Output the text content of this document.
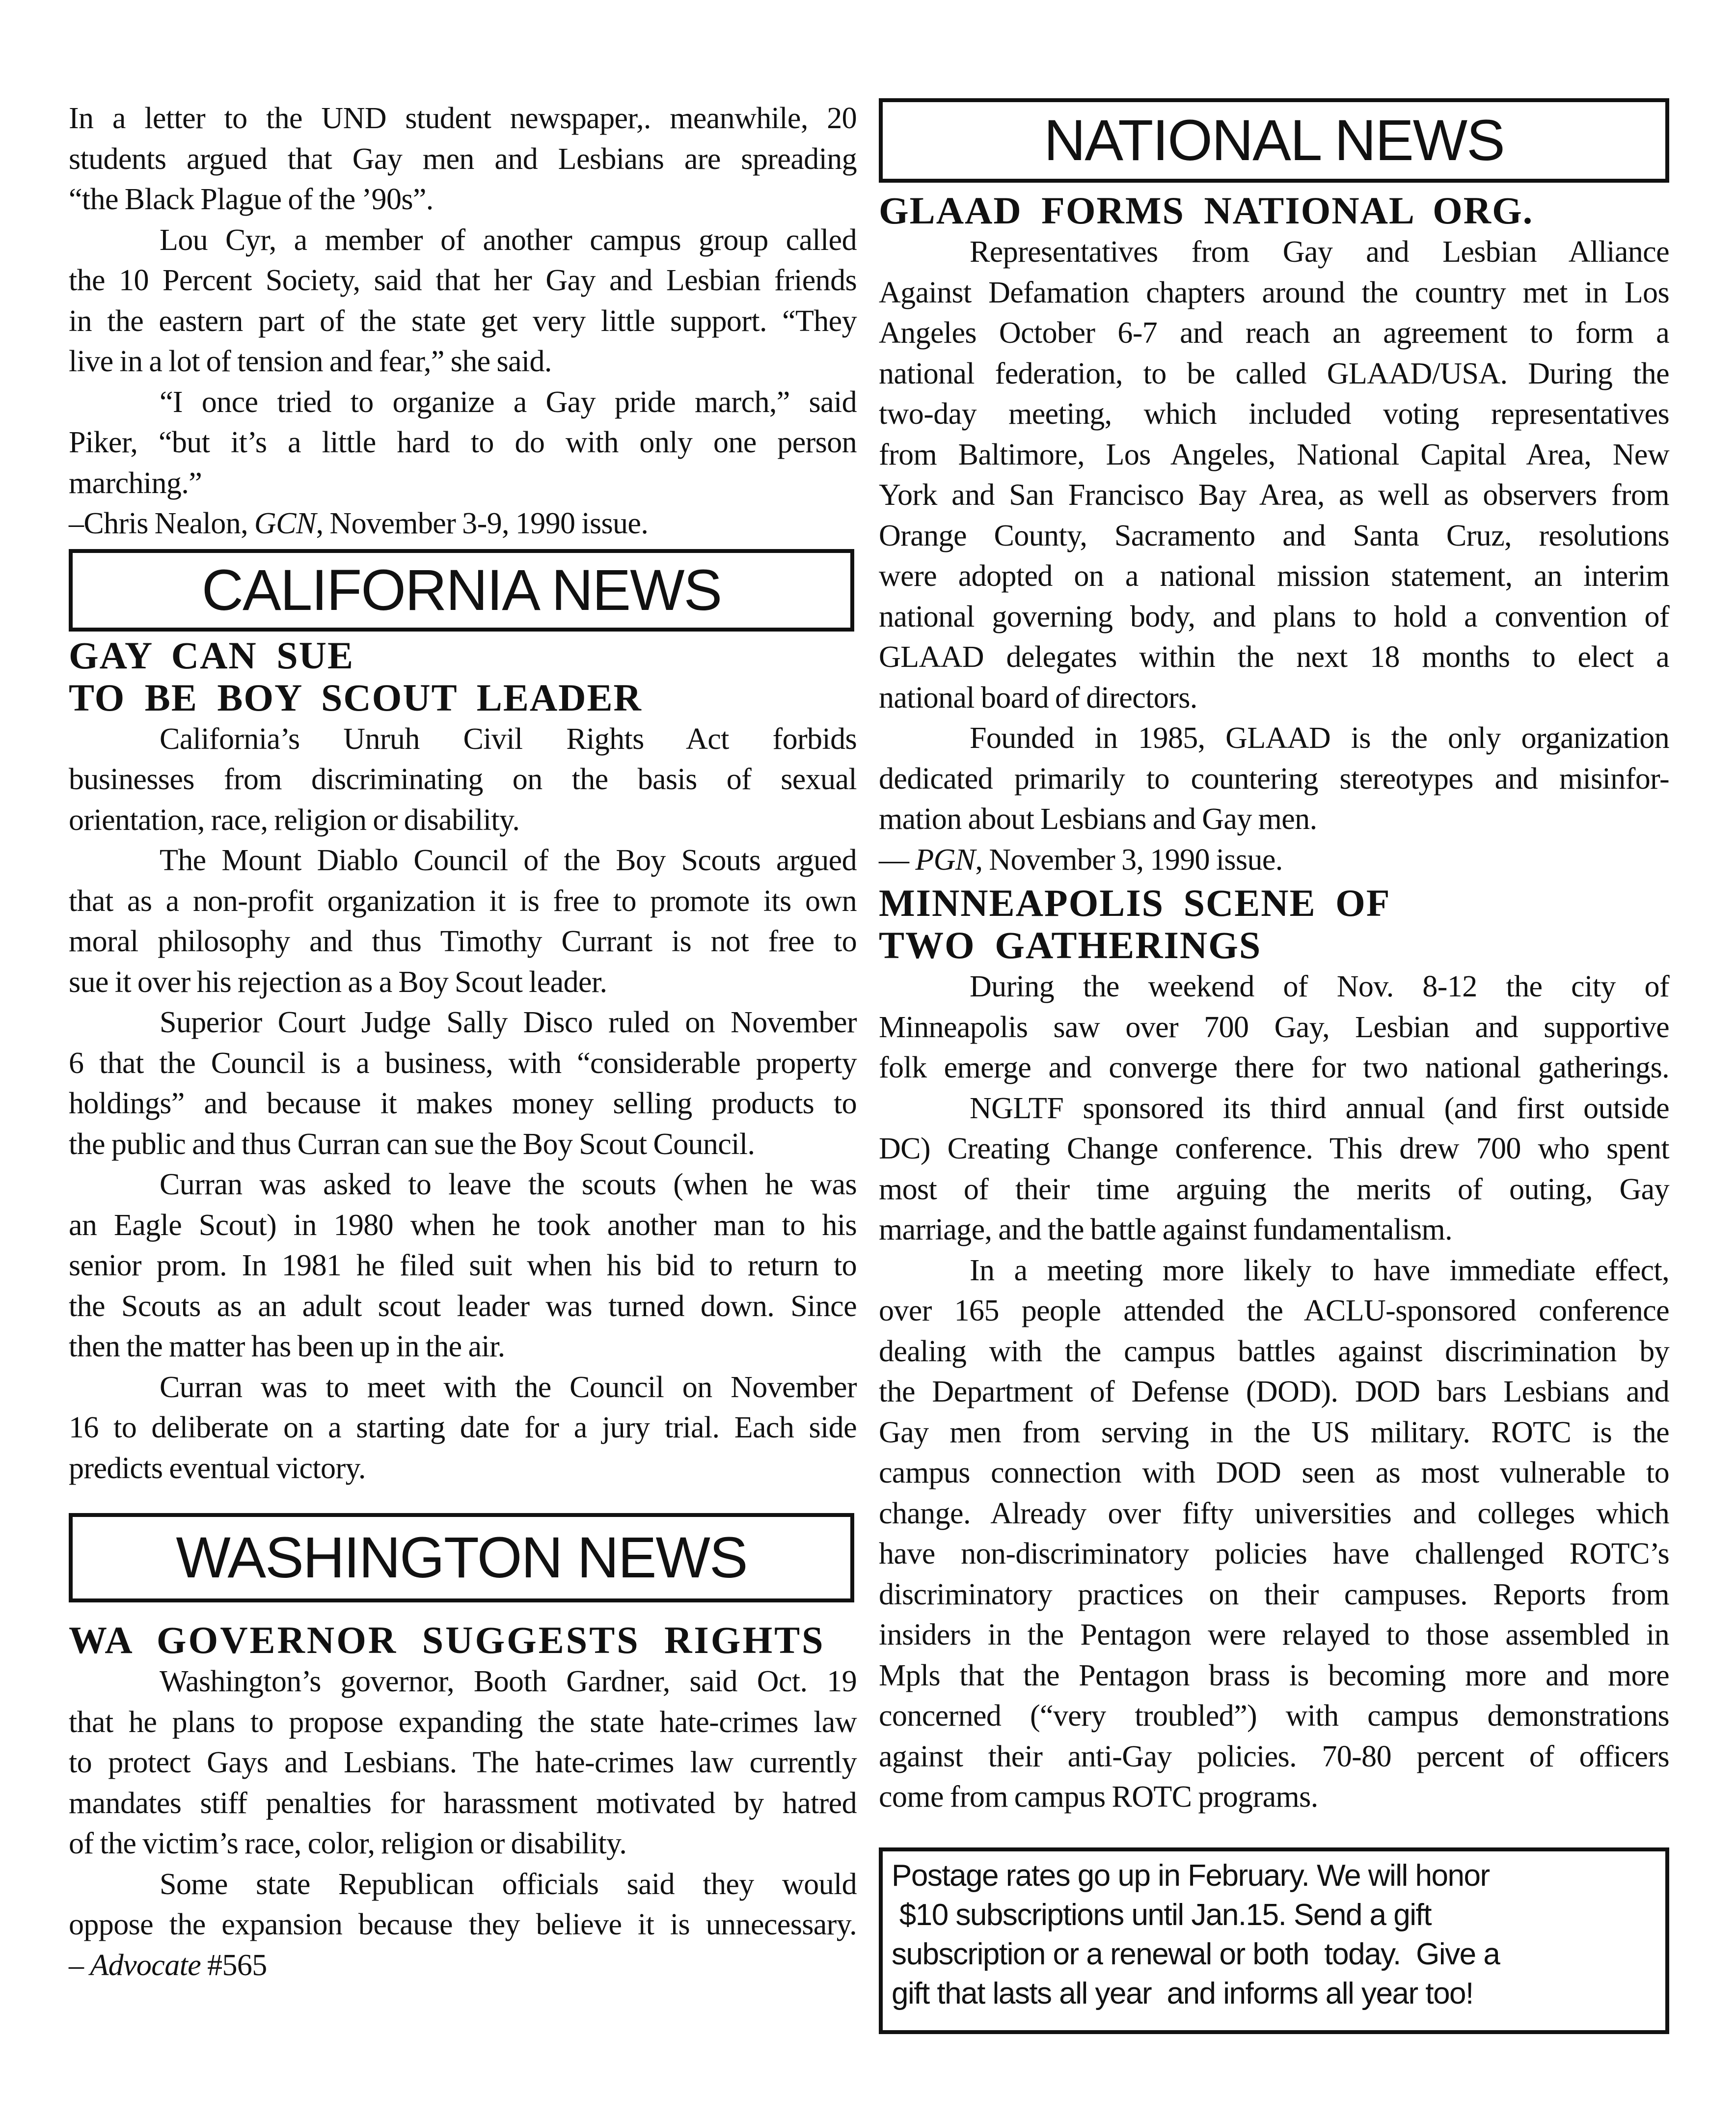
In a letter to the UND student newspaper,. meanwhile, 20
students argued that Gay men and Lesbians are spreading
“the Black Plague of the ’90s”.
Lou Cyr, a member of another campus group called
the 10 Percent Society, said that her Gay and Lesbian friends
in the eastern part of the state get very little support. “They
live in a lot of tension and fear,” she said.
“I once tried to organize a Gay pride march,” said
Piker, “but it’s a little hard to do with only one person
marching.”
–Chris Nealon, GCN, November 3-9, 1990 issue.
CALIFORNIA NEWS
GAY CAN SUE
TO BE BOY SCOUT LEADER
California’s Unruh Civil Rights Act forbids
businesses from discriminating on the basis of sexual
orientation, race, religion or disability.
The Mount Diablo Council of the Boy Scouts argued
that as a non-profit organization it is free to promote its own
moral philosophy and thus Timothy Currant is not free to
sue it over his rejection as a Boy Scout leader.
Superior Court Judge Sally Disco ruled on November
6 that the Council is a business, with “considerable property
holdings” and because it makes money selling products to
the public and thus Curran can sue the Boy Scout Council.
Curran was asked to leave the scouts (when he was
an Eagle Scout) in 1980 when he took another man to his
senior prom. In 1981 he filed suit when his bid to return to
the Scouts as an adult scout leader was turned down. Since
then the matter has been up in the air.
Curran was to meet with the Council on November
16 to deliberate on a starting date for a jury trial. Each side
predicts eventual victory.
WASHINGTON NEWS
WA GOVERNOR SUGGESTS RIGHTS
Washington’s governor, Booth Gardner, said Oct. 19
that he plans to propose expanding the state hate-crimes law
to protect Gays and Lesbians. The hate-crimes law currently
mandates stiff penalties for harassment motivated by hatred
of the victim’s race, color, religion or disability.
Some state Republican officials said they would
oppose the expansion because they believe it is unnecessary.
– Advocate #565
NATIONAL NEWS
GLAAD FORMS NATIONAL ORG.
Representatives from Gay and Lesbian Alliance
Against Defamation chapters around the country met in Los
Angeles October 6-7 and reach an agreement to form a
national federation, to be called GLAAD/USA. During the
two-day meeting, which included voting representatives
from Baltimore, Los Angeles, National Capital Area, New
York and San Francisco Bay Area, as well as observers from
Orange County, Sacramento and Santa Cruz, resolutions
were adopted on a national mission statement, an interim
national governing body, and plans to hold a convention of
GLAAD delegates within the next 18 months to elect a
national board of directors.
Founded in 1985, GLAAD is the only organization
dedicated primarily to countering stereotypes and misinfor-
mation about Lesbians and Gay men.
— PGN, November 3, 1990 issue.
MINNEAPOLIS SCENE OF
TWO GATHERINGS
During the weekend of Nov. 8-12 the city of
Minneapolis saw over 700 Gay, Lesbian and supportive
folk emerge and converge there for two national gatherings.
NGLTF sponsored its third annual (and first outside
DC) Creating Change conference. This drew 700 who spent
most of their time arguing the merits of outing, Gay
marriage, and the battle against fundamentalism.
In a meeting more likely to have immediate effect,
over 165 people attended the ACLU-sponsored conference
dealing with the campus battles against discrimination by
the Department of Defense (DOD). DOD bars Lesbians and
Gay men from serving in the US military. ROTC is the
campus connection with DOD seen as most vulnerable to
change. Already over fifty universities and colleges which
have non-discriminatory policies have challenged ROTC’s
discriminatory practices on their campuses. Reports from
insiders in the Pentagon were relayed to those assembled in
Mpls that the Pentagon brass is becoming more and more
concerned (“very troubled”) with campus demonstrations
against their anti-Gay policies. 70-80 percent of officers
come from campus ROTC programs.
Postage rates go up in February. We will honor
$10 subscriptions until Jan.15. Send a gift
subscription or a renewal or both  today.  Give a
gift that lasts all year  and informs all year too!
